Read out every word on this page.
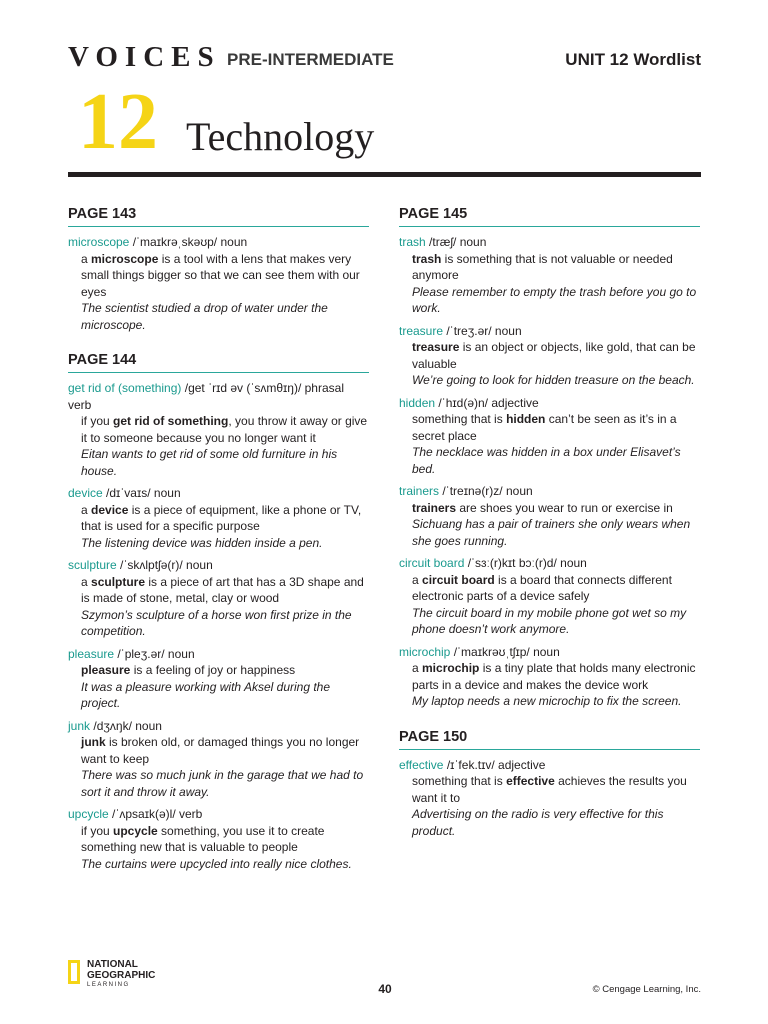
VOICES PRE-INTERMEDIATE	UNIT 12 Wordlist
12 Technology
PAGE 143
microscope /ˈmaɪkrəˌskəʊp/ noun
a microscope is a tool with a lens that makes very small things bigger so that we can see them with our eyes
The scientist studied a drop of water under the microscope.
PAGE 144
get rid of (something) /get ˈrɪd əv (ˈsʌmθɪŋ)/ phrasal verb
if you get rid of something, you throw it away or give it to someone because you no longer want it
Eitan wants to get rid of some old furniture in his house.
device /dɪˈvaɪs/ noun
a device is a piece of equipment, like a phone or TV, that is used for a specific purpose
The listening device was hidden inside a pen.
sculpture /ˈskʌlptʃə(r)/ noun
a sculpture is a piece of art that has a 3D shape and is made of stone, metal, clay or wood
Szymon’s sculpture of a horse won first prize in the competition.
pleasure /ˈpleʒ.ər/ noun
pleasure is a feeling of joy or happiness
It was a pleasure working with Aksel during the project.
junk /dʒʌŋk/ noun
junk is broken old, or damaged things you no longer want to keep
There was so much junk in the garage that we had to sort it and throw it away.
upcycle /ˈʌpsaɪk(ə)l/ verb
if you upcycle something, you use it to create something new that is valuable to people
The curtains were upcycled into really nice clothes.
PAGE 145
trash /træʃ/ noun
trash is something that is not valuable or needed anymore
Please remember to empty the trash before you go to work.
treasure /ˈtreʒ.ər/ noun
treasure is an object or objects, like gold, that can be valuable
We’re going to look for hidden treasure on the beach.
hidden /ˈhɪd(ə)n/ adjective
something that is hidden can’t be seen as it’s in a secret place
The necklace was hidden in a box under Elisavet’s bed.
trainers /ˈtreɪnə(r)z/ noun
trainers are shoes you wear to run or exercise in
Sichuang has a pair of trainers she only wears when she goes running.
circuit board /ˈsɜː(r)kɪt bɔː(r)d/ noun
a circuit board is a board that connects different electronic parts of a device safely
The circuit board in my mobile phone got wet so my phone doesn’t work anymore.
microchip /ˈmaɪkrəʊˌtʃɪp/ noun
a microchip is a tiny plate that holds many electronic parts in a device and makes the device work
My laptop needs a new microchip to fix the screen.
PAGE 150
effective /ɪˈfek.tɪv/ adjective
something that is effective achieves the results you want it to
Advertising on the radio is very effective for this product.
NATIONAL
GEOGRAPHIC
LEARNING	40	© Cengage Learning, Inc.
